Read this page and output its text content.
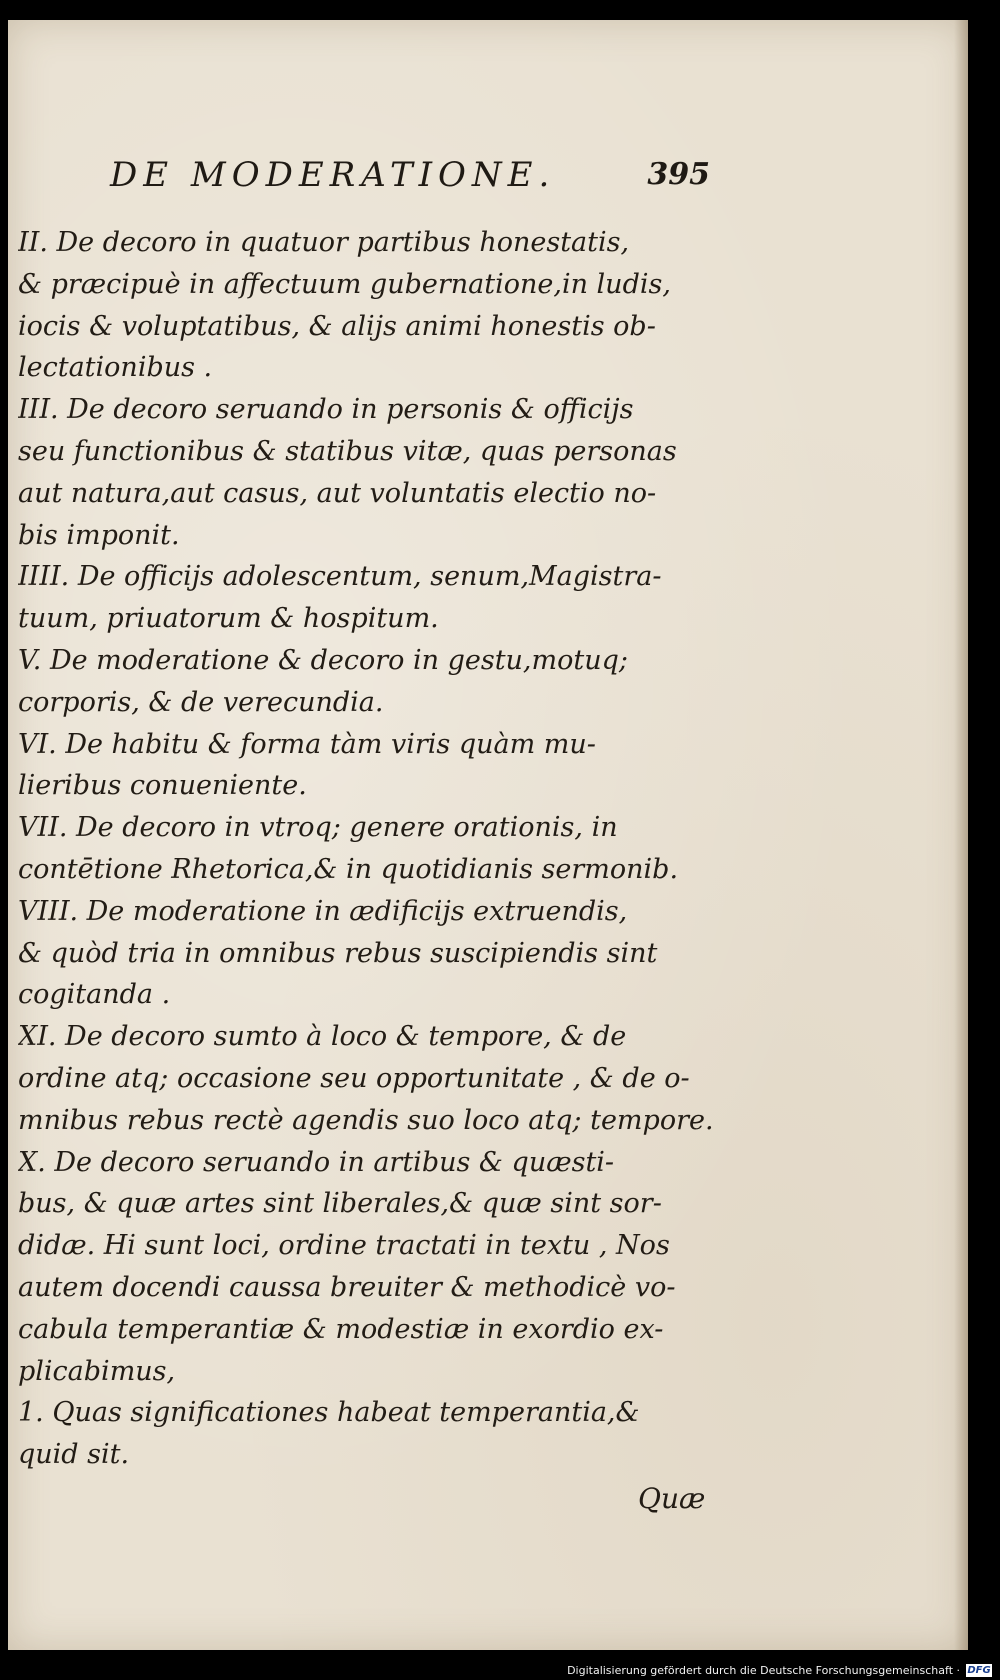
DE MODERATIONE.	395
II. De decoro in quatuor partibus honestatis,
& præcipuè in affectuum gubernatione,in ludis,
iocis & voluptatibus, & alijs animi honestis ob-
lectationibus .
III. De decoro seruando in personis & officijs
seu functionibus & statibus vitæ, quas personas
aut natura,aut casus, aut voluntatis electio no-
bis imponit.
IIII. De officijs adolescentum, senum,Magistra-
tuum, priuatorum & hospitum.
V. De moderatione & decoro in gestu,motuq;
corporis, & de verecundia.
VI. De habitu & forma tàm viris quàm mu-
lieribus conueniente.
VII. De decoro in vtroq; genere orationis, in
contētione Rhetorica,& in quotidianis sermonib.
VIII. De moderatione in ædificijs extruendis,
& quòd tria in omnibus rebus suscipiendis sint
cogitanda .
XI. De decoro sumto à loco & tempore, & de
ordine atq; occasione seu opportunitate , & de o-
mnibus rebus rectè agendis suo loco atq; tempore.
X. De decoro seruando in artibus & quæsti-
bus, & quæ artes sint liberales,& quæ sint sor-
didæ. Hi sunt loci, ordine tractati in textu , Nos
autem docendi caussa breuiter & methodicè vo-
cabula temperantiæ & modestiæ in exordio ex-
plicabimus,
1. Quas significationes habeat temperantia,&
quid sit.
Quæ
Digitalisierung gefördert durch die Deutsche Forschungsgemeinschaft · DFG
